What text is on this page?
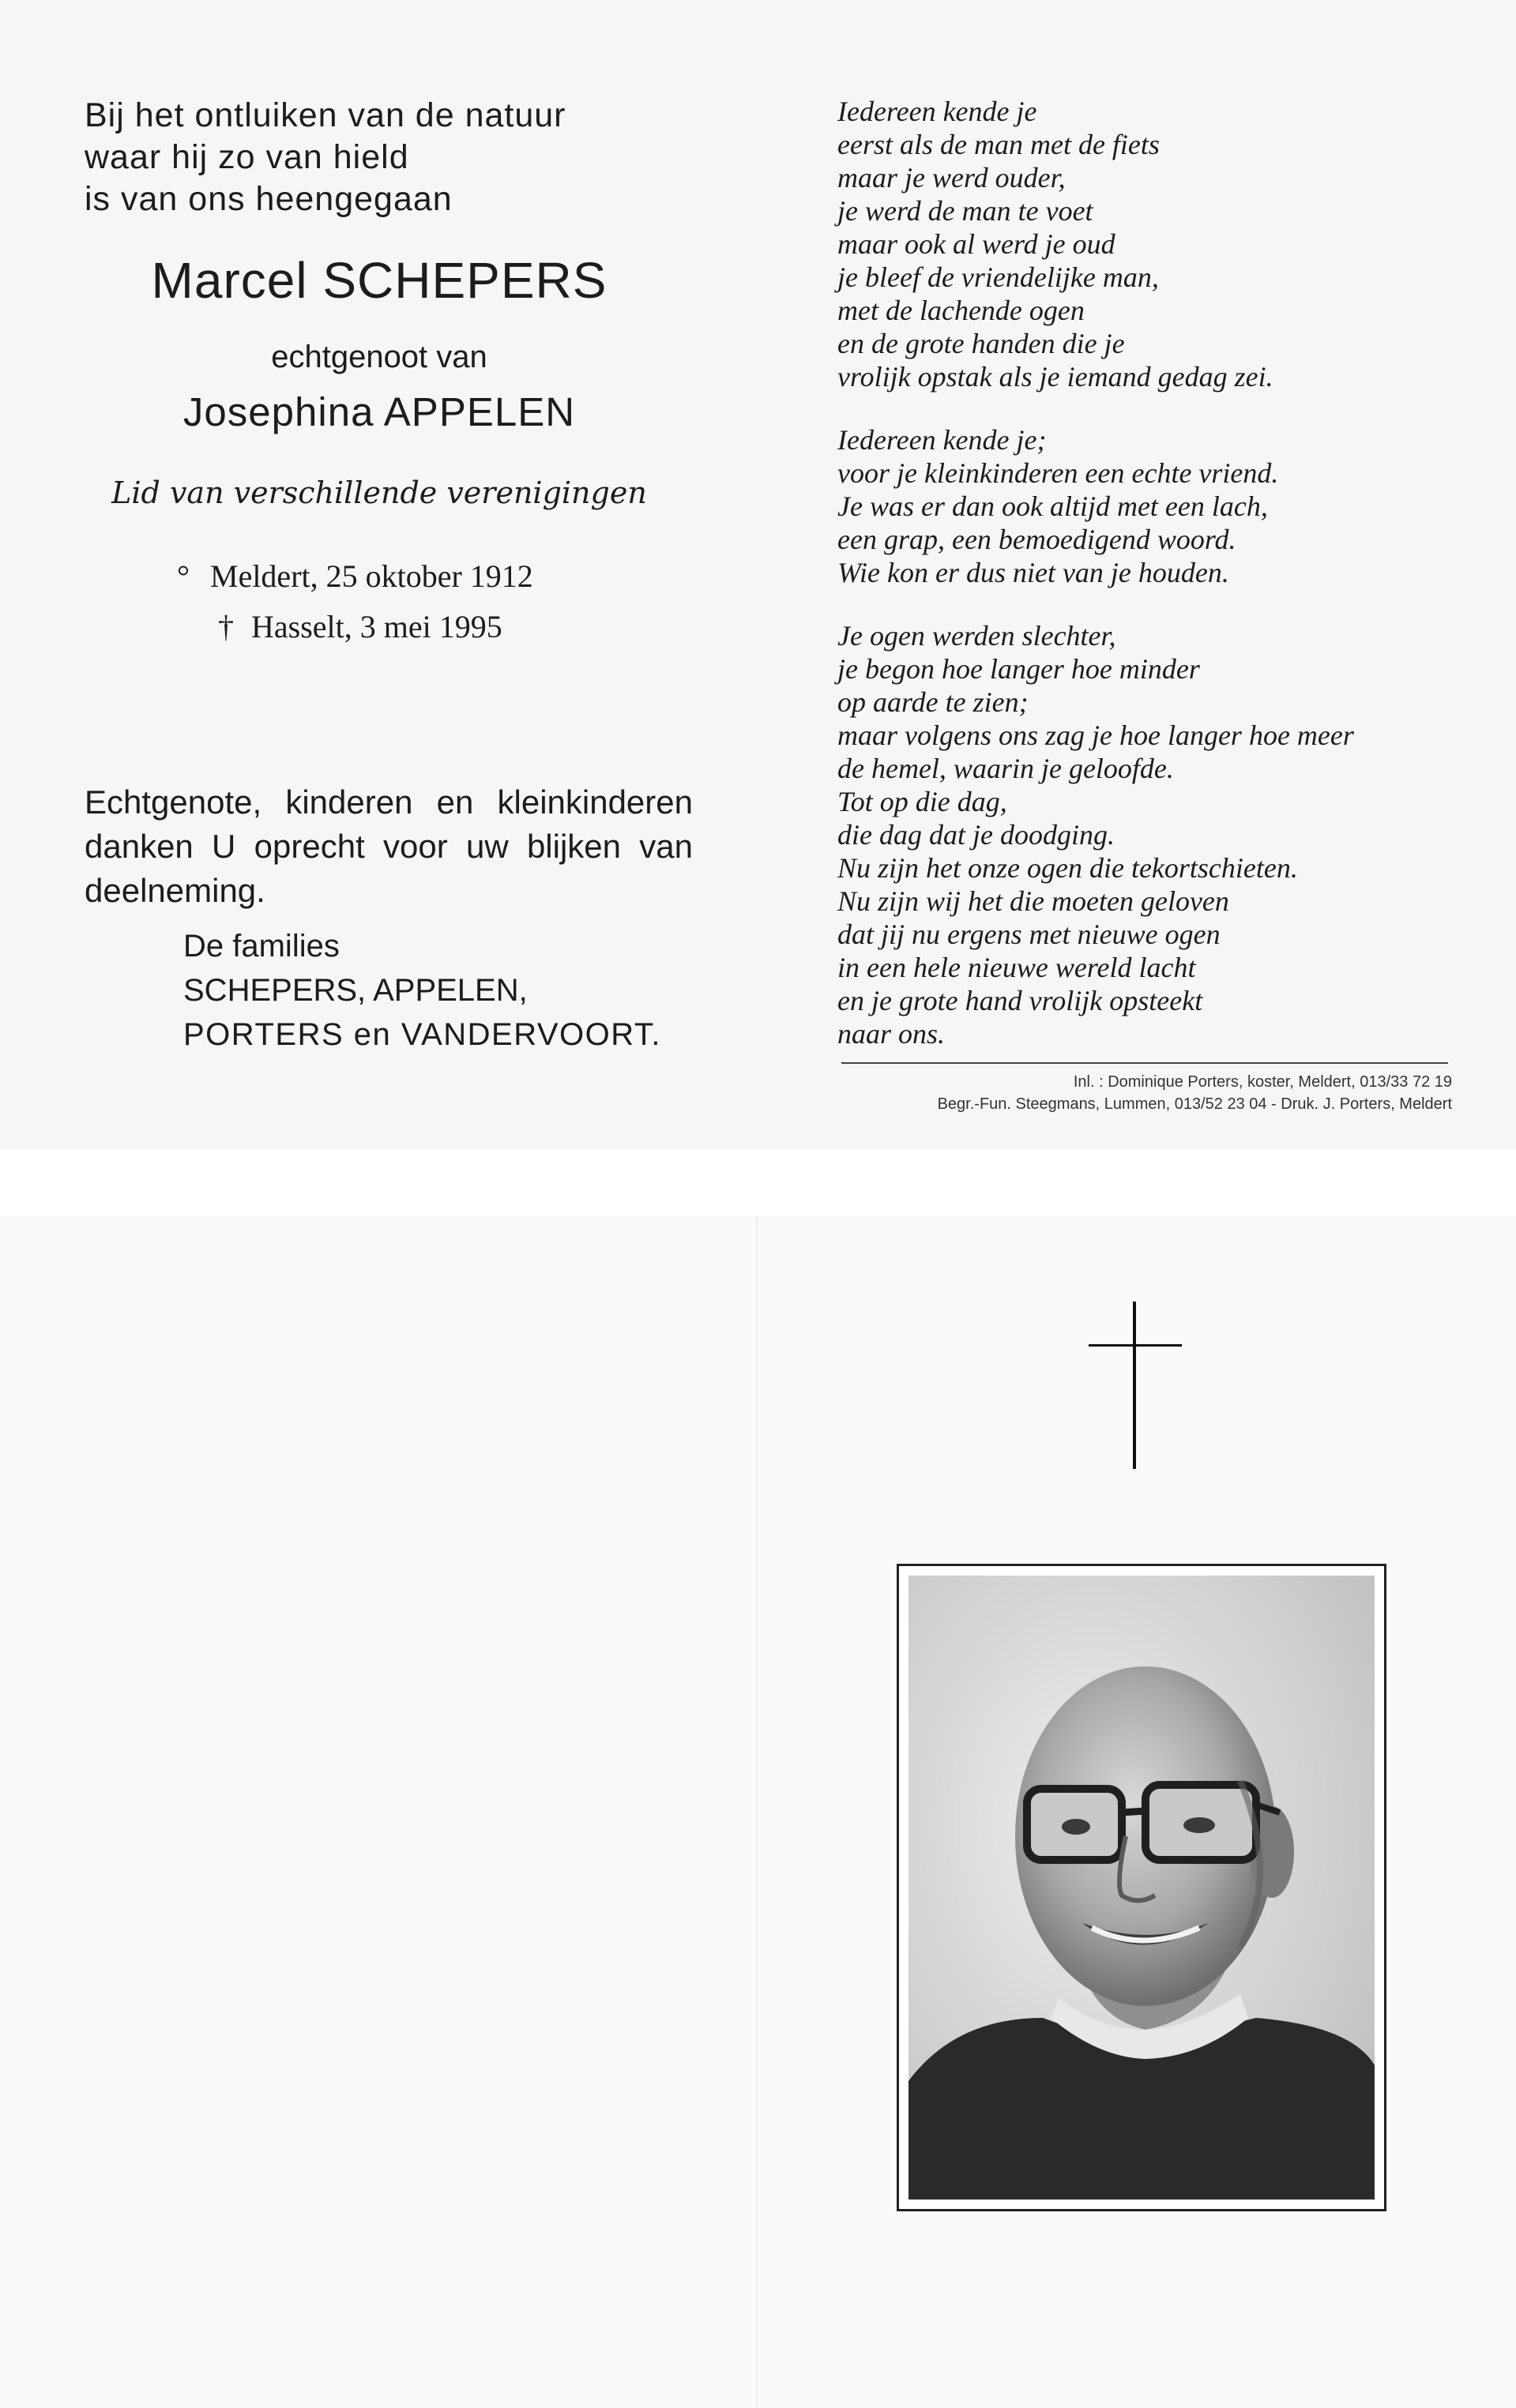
Bij het ontluiken van de natuur
waar hij zo van hield
is van ons heengegaan
Marcel SCHEPERS
echtgenoot van
Josephina APPELEN
Lid van verschillende verenigingen
° Meldert, 25 oktober 1912
† Hasselt, 3 mei 1995
Echtgenote, kinderen en kleinkinderen danken U oprecht voor uw blijken van deelneming.
De families
SCHEPERS, APPELEN,
PORTERS en VANDERVOORT.
Iedereen kende je
eerst als de man met de fiets
maar je werd ouder,
je werd de man te voet
maar ook al werd je oud
je bleef de vriendelijke man,
met de lachende ogen
en de grote handen die je
vrolijk opstak als je iemand gedag zei.
Iedereen kende je;
voor je kleinkinderen een echte vriend.
Je was er dan ook altijd met een lach,
een grap, een bemoedigend woord.
Wie kon er dus niet van je houden.
Je ogen werden slechter,
je begon hoe langer hoe minder
op aarde te zien;
maar volgens ons zag je hoe langer hoe meer
de hemel, waarin je geloofde.
Tot op die dag,
die dag dat je doodging.
Nu zijn het onze ogen die tekortschieten.
Nu zijn wij het die moeten geloven
dat jij nu ergens met nieuwe ogen
in een hele nieuwe wereld lacht
en je grote hand vrolijk opsteekt
naar ons.
Inl. : Dominique Porters, koster, Meldert, 013/33 72 19
Begr.-Fun. Steegmans, Lummen, 013/52 23 04 - Druk. J. Porters, Meldert
